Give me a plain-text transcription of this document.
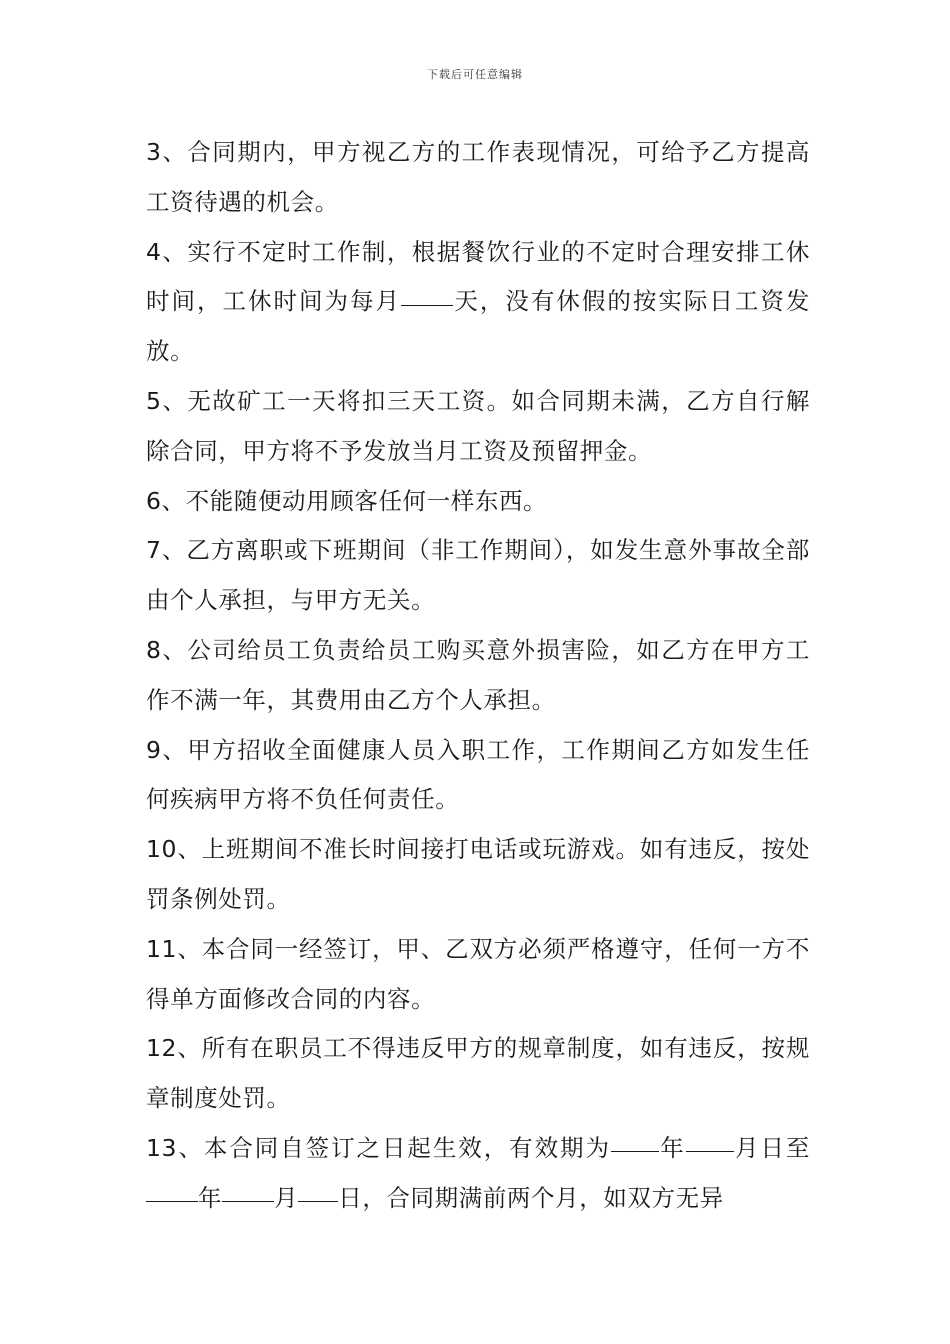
下载后可任意编辑

3、合同期内，甲方视乙方的工作表现情况，可给予乙方提高工资待遇的机会。

4、实行不定时工作制，根据餐饮行业的不定时合理安排工休时间，工休时间为每月 天，没有休假的按实际日工资发放。

5、无故矿工一天将扣三天工资。如合同期未满，乙方自行解除合同，甲方将不予发放当月工资及预留押金。

6、不能随便动用顾客任何一样东西。

7、乙方离职或下班期间（非工作期间），如发生意外事故全部由个人承担，与甲方无关。

8、公司给员工负责给员工购买意外损害险，如乙方在甲方工作不满一年，其费用由乙方个人承担。

9、甲方招收全面健康人员入职工作，工作期间乙方如发生任何疾病甲方将不负任何责任。

10、上班期间不准长时间接打电话或玩游戏。如有违反，按处罚条例处罚。

11、本合同一经签订，甲、乙双方必须严格遵守，任何一方不得单方面修改合同的内容。

12、所有在职员工不得违反甲方的规章制度，如有违反，按规章制度处罚。

13、本合同自签订之日起生效，有效期为 年 月日至年 月 日，合同期满前两个月，如双方无异
